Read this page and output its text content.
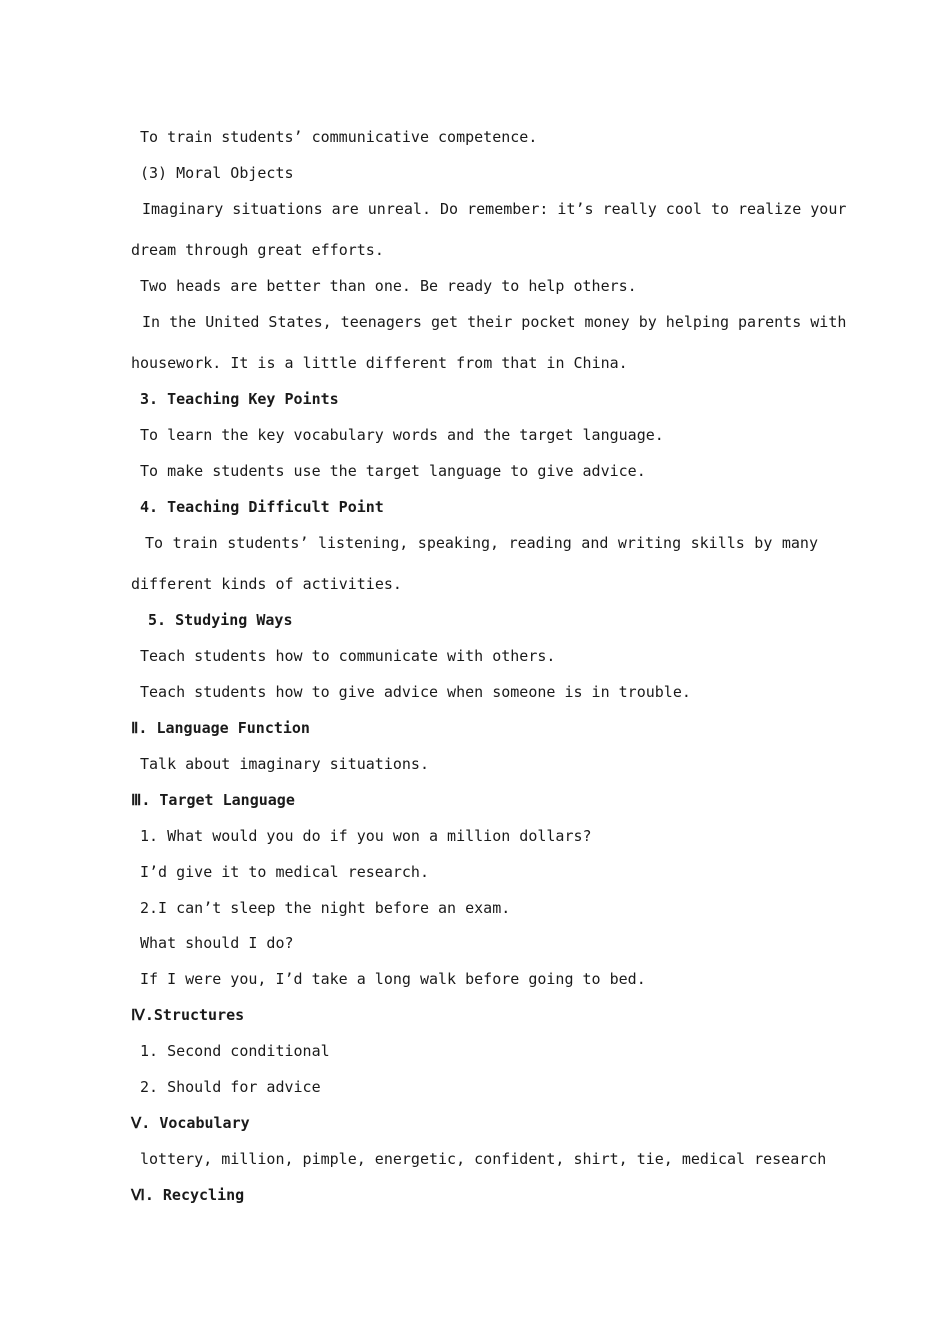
To train students’ communicative competence.
(3) Moral Objects
Imaginary situations are unreal. Do remember: it’s really cool to realize your
dream through great efforts.
Two heads are better than one. Be ready to help others.
In the United States, teenagers get their pocket money by helping parents with
housework. It is a little different from that in China.
3. Teaching Key Points
To learn the key vocabulary words and the target language.
To make students use the target language to give advice.
4. Teaching Difficult Point
To train students’ listening, speaking, reading and writing skills by many
different kinds of activities.
5. Studying Ways
Teach students how to communicate with others.
Teach students how to give advice when someone is in trouble.
Ⅱ. Language Function
Talk about imaginary situations.
Ⅲ. Target Language
1. What would you do if you won a million dollars?
I’d give it to medical research.
2.I can’t sleep the night before an exam.
What should I do?
If I were you, I’d take a long walk before going to bed.
Ⅳ.Structures
1. Second conditional
2. Should for advice
Ⅴ. Vocabulary
lottery, million, pimple, energetic, confident, shirt, tie, medical research
Ⅵ. Recycling
